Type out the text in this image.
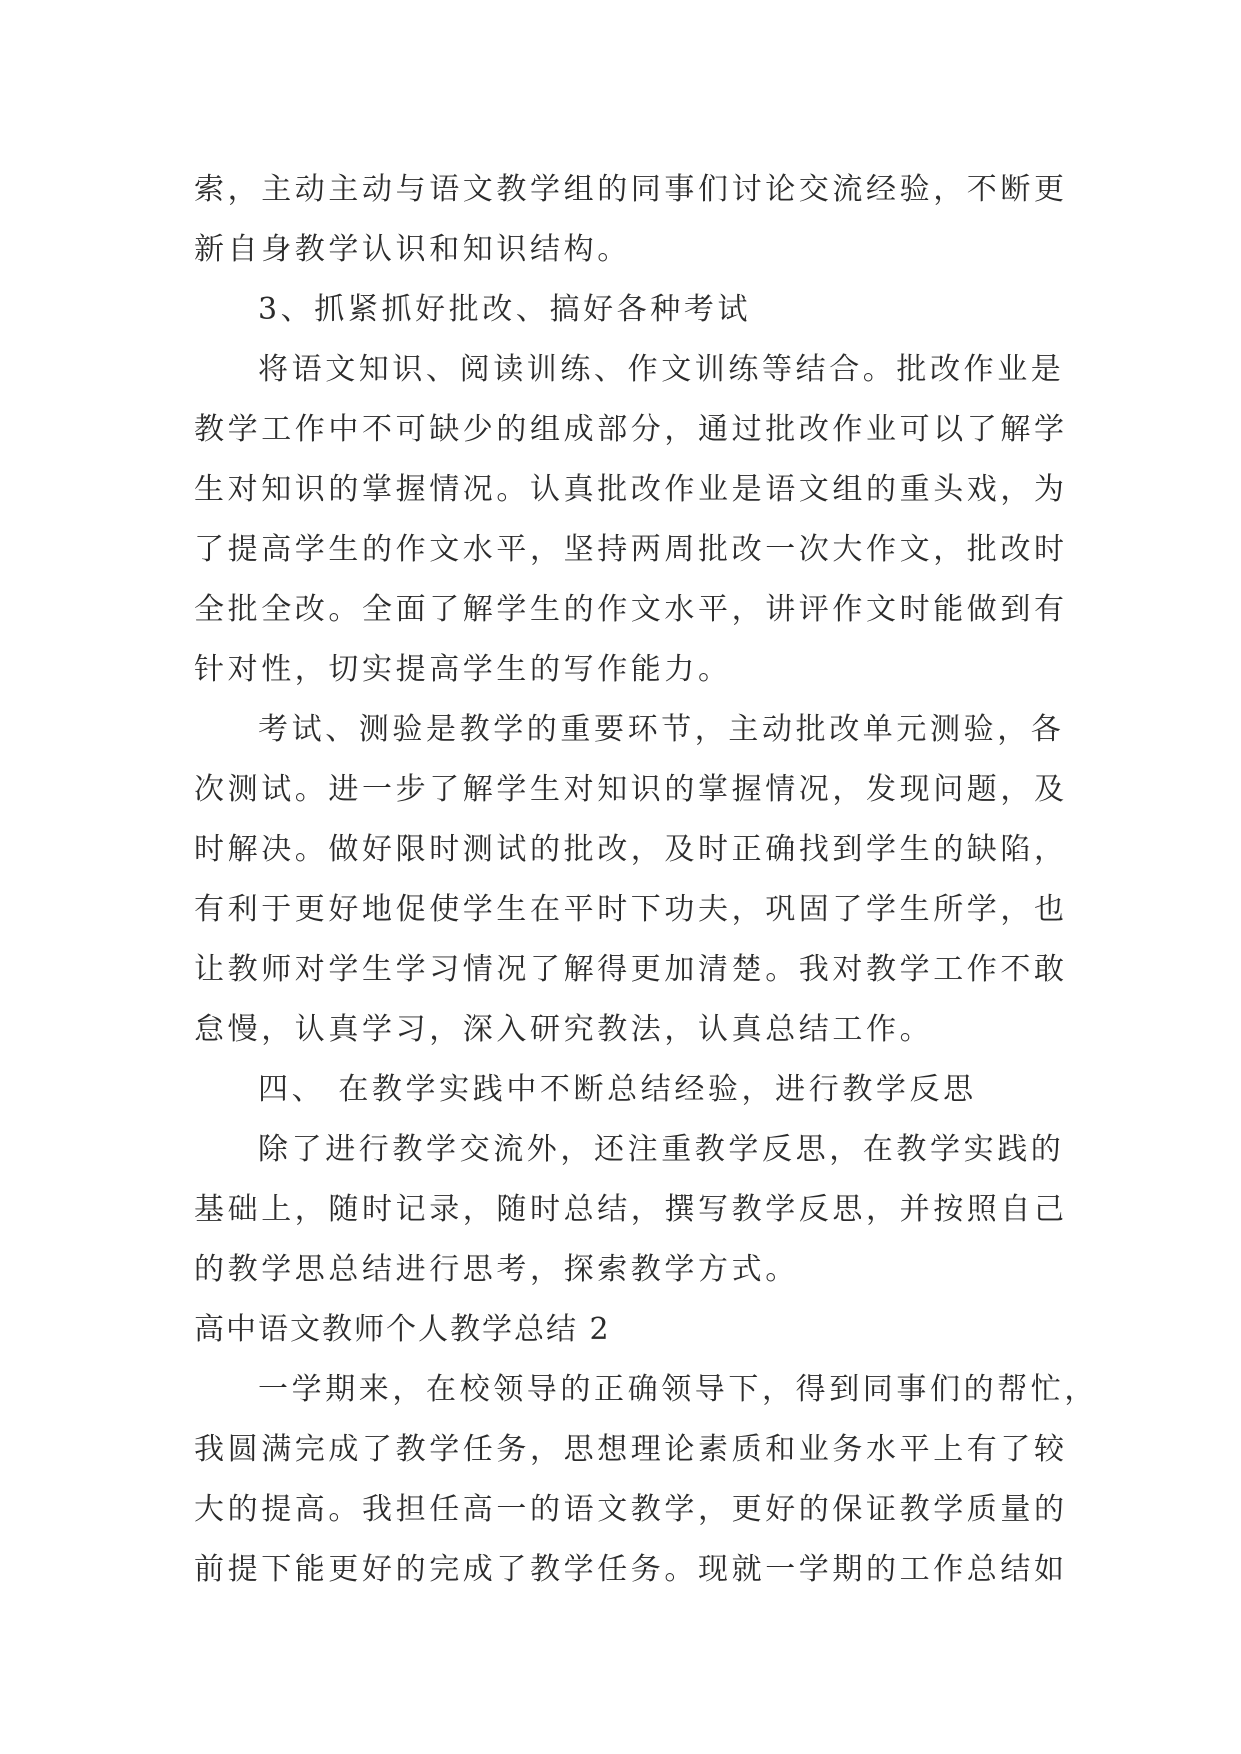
索，主动主动与语文教学组的同事们讨论交流经验，不断更
新自身教学认识和知识结构。
3、抓紧抓好批改、搞好各种考试
将语文知识、阅读训练、作文训练等结合。批改作业是
教学工作中不可缺少的组成部分，通过批改作业可以了解学
生对知识的掌握情况。认真批改作业是语文组的重头戏，为
了提高学生的作文水平，坚持两周批改一次大作文，批改时
全批全改。全面了解学生的作文水平，讲评作文时能做到有
针对性，切实提高学生的写作能力。
考试、测验是教学的重要环节，主动批改单元测验，各
次测试。进一步了解学生对知识的掌握情况，发现问题，及
时解决。做好限时测试的批改，及时正确找到学生的缺陷，
有利于更好地促使学生在平时下功夫，巩固了学生所学，也
让教师对学生学习情况了解得更加清楚。我对教学工作不敢
怠慢，认真学习，深入研究教法，认真总结工作。
四、 在教学实践中不断总结经验，进行教学反思
除了进行教学交流外，还注重教学反思，在教学实践的
基础上，随时记录，随时总结，撰写教学反思，并按照自己
的教学思总结进行思考，探索教学方式。
高中语文教师个人教学总结 2
一学期来，在校领导的正确领导下，得到同事们的帮忙，
我圆满完成了教学任务，思想理论素质和业务水平上有了较
大的提高。我担任高一的语文教学，更好的保证教学质量的
前提下能更好的完成了教学任务。现就一学期的工作总结如
